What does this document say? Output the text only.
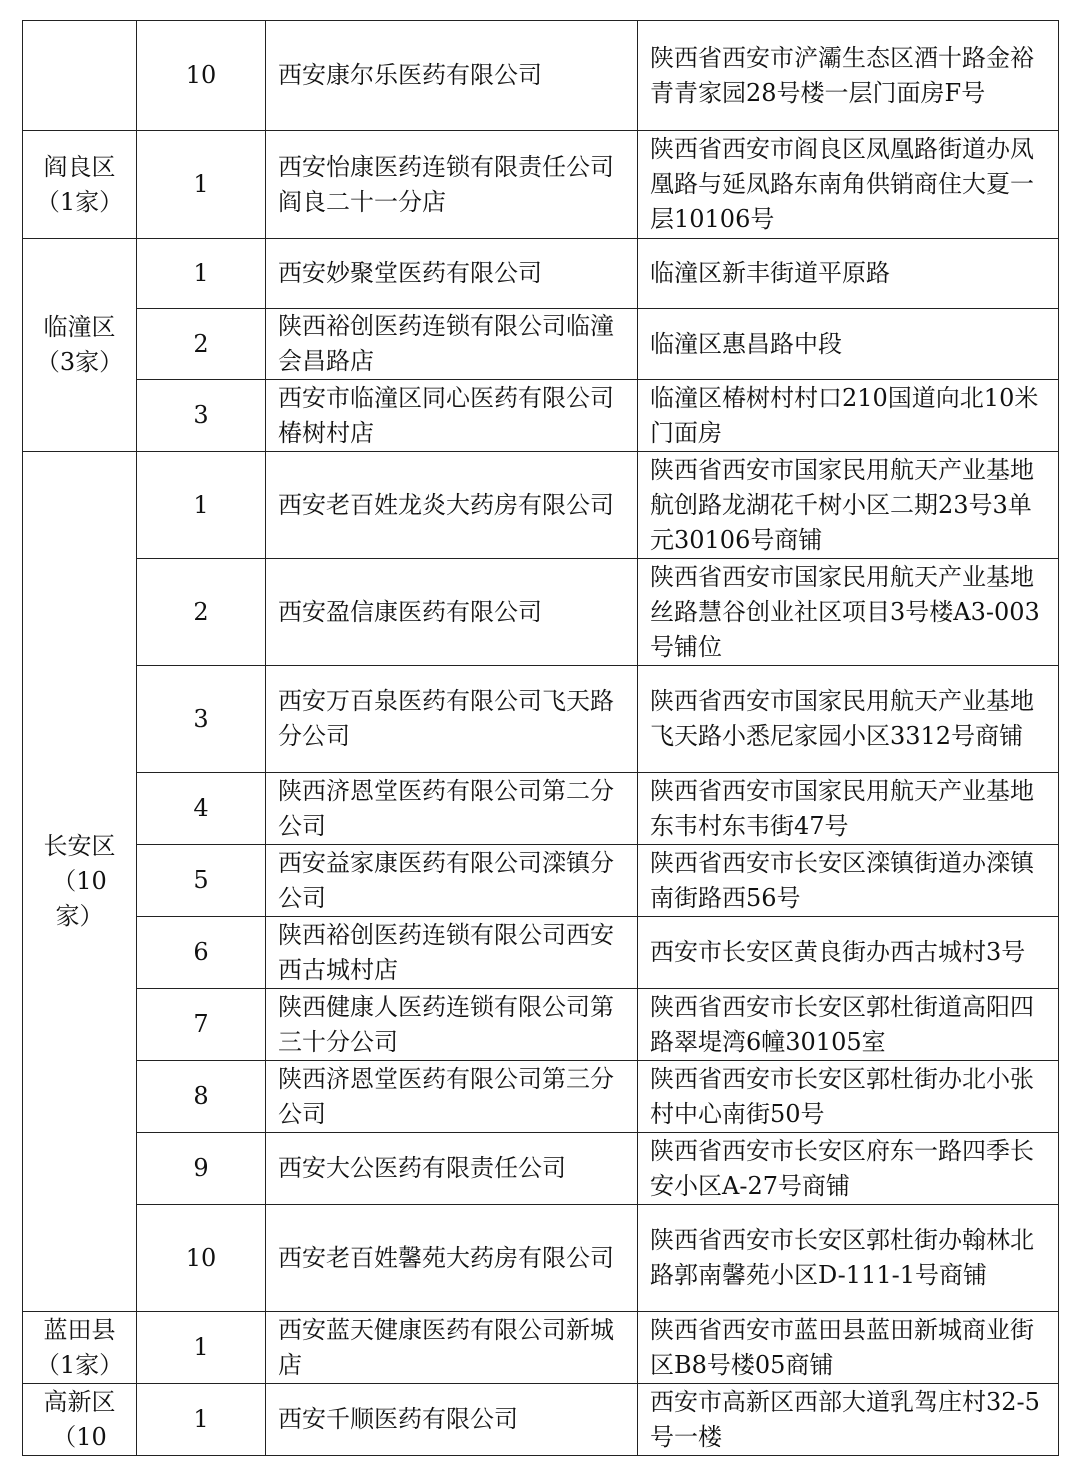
	10	西安康尔乐医药有限公司	陕西省西安市浐灞生态区酒十路金裕青青家园28号楼一层门面房F号

阎良区
（1家）	1	西安怡康医药连锁有限责任公司阎良二十一分店	陕西省西安市阎良区凤凰路街道办凤凰路与延凤路东南角供销商住大夏一层10106号

临潼区
（3家）	1	西安妙聚堂医药有限公司	临潼区新丰街道平原路
	2	陕西裕创医药连锁有限公司临潼会昌路店	临潼区惠昌路中段
	3	西安市临潼区同心医药有限公司椿树村店	临潼区椿树村村口210国道向北10米门面房

长安区
（10
家）	1	西安老百姓龙炎大药房有限公司	陕西省西安市国家民用航天产业基地航创路龙湖花千树小区二期23号3单元30106号商铺
	2	西安盈信康医药有限公司	陕西省西安市国家民用航天产业基地丝路慧谷创业社区项目3号楼A3-003号铺位
	3	西安万百泉医药有限公司飞天路分公司	陕西省西安市国家民用航天产业基地飞天路小悉尼家园小区3312号商铺
	4	陕西济恩堂医药有限公司第二分公司	陕西省西安市国家民用航天产业基地东韦村东韦街47号
	5	西安益家康医药有限公司滦镇分公司	陕西省西安市长安区滦镇街道办滦镇南街路西56号
	6	陕西裕创医药连锁有限公司西安西古城村店	西安市长安区黄良街办西古城村3号
	7	陕西健康人医药连锁有限公司第三十分公司	陕西省西安市长安区郭杜街道高阳四路翠堤湾6幢30105室
	8	陕西济恩堂医药有限公司第三分公司	陕西省西安市长安区郭杜街办北小张村中心南街50号
	9	西安大公医药有限责任公司	陕西省西安市长安区府东一路四季长安小区A-27号商铺
	10	西安老百姓馨苑大药房有限公司	陕西省西安市长安区郭杜街办翰林北路郭南馨苑小区D-111-1号商铺

蓝田县
（1家）	1	西安蓝天健康医药有限公司新城店	陕西省西安市蓝田县蓝田新城商业街区B8号楼05商铺

高新区
（10	1	西安千顺医药有限公司	西安市高新区西部大道乳驾庄村32-5号一楼
